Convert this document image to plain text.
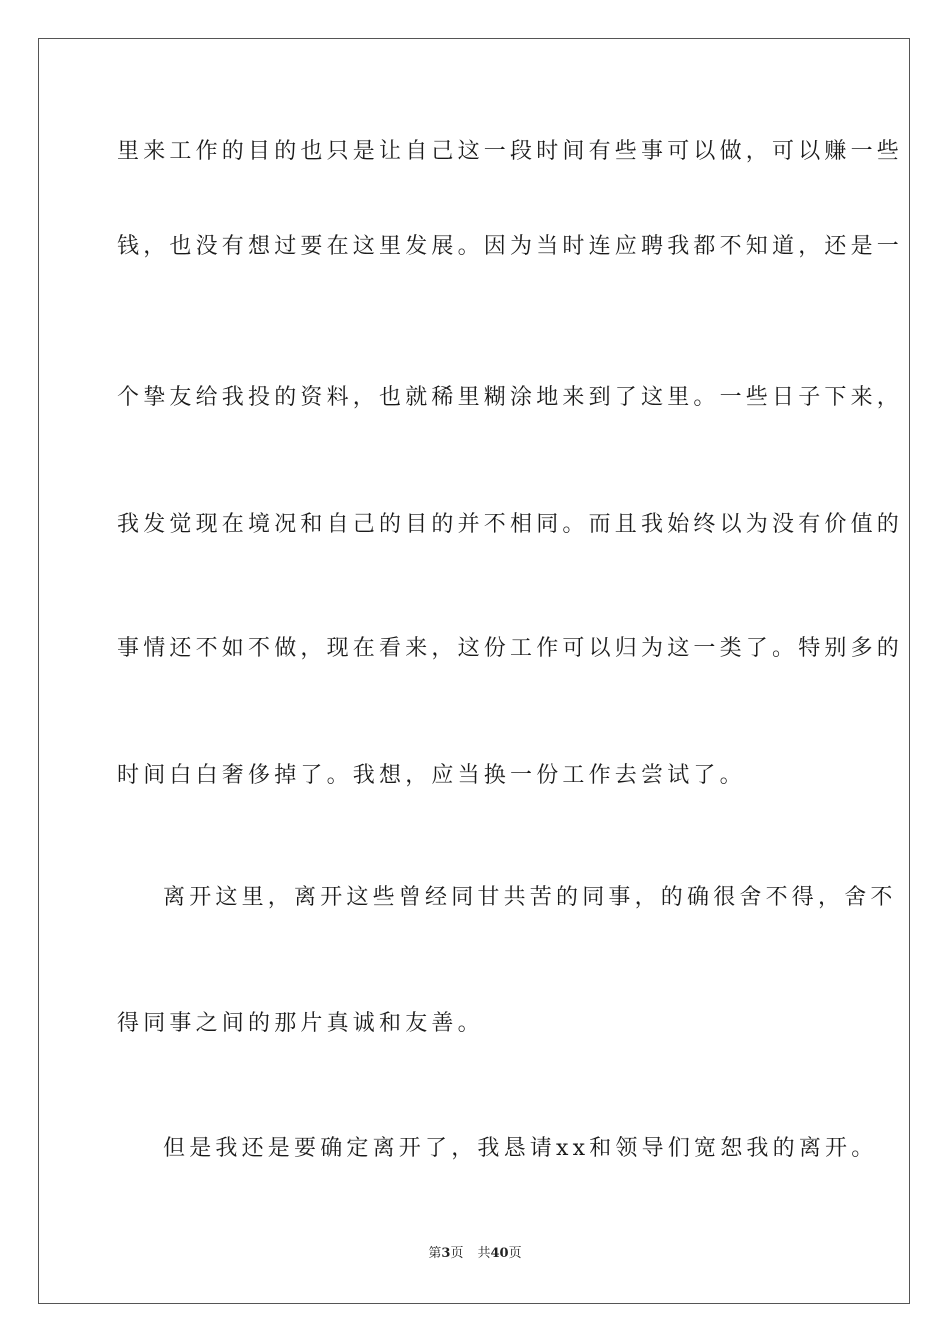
里来工作的目的也只是让自己这一段时间有些事可以做，可以赚一些
钱，也没有想过要在这里发展。因为当时连应聘我都不知道，还是一
个挚友给我投的资料，也就稀里糊涂地来到了这里。一些日子下来，
我发觉现在境况和自己的目的并不相同。而且我始终以为没有价值的
事情还不如不做，现在看来，这份工作可以归为这一类了。特别多的
时间白白奢侈掉了。我想，应当换一份工作去尝试了。
离开这里，离开这些曾经同甘共苦的同事，的确很舍不得，舍不
得同事之间的那片真诚和友善。
但是我还是要确定离开了，我恳请xx和领导们宽恕我的离开。
第3页 共40页
